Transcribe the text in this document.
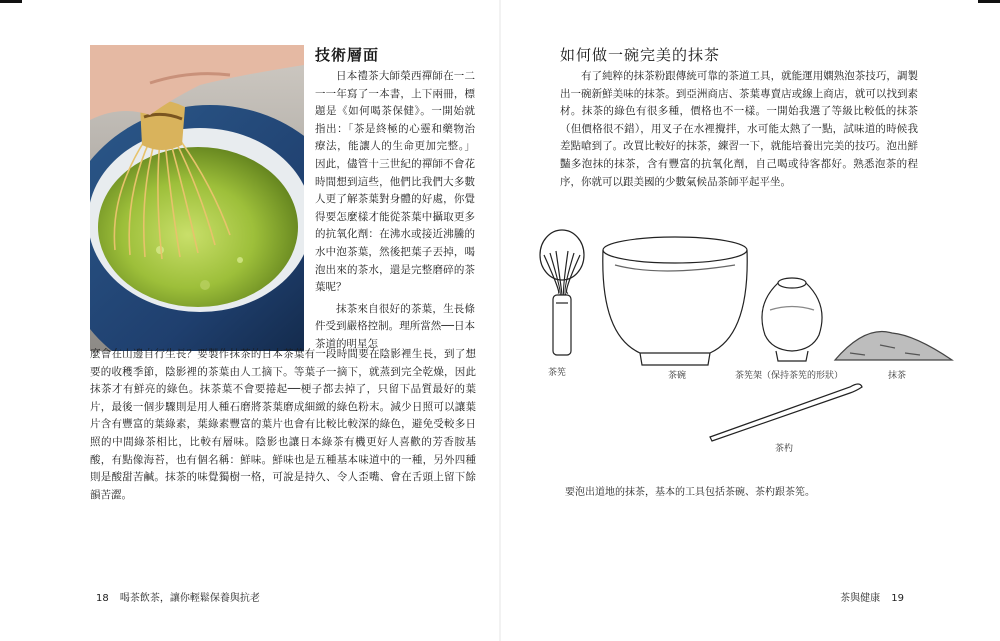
技術層面

日本禮茶大師榮西禪師在一二一一年寫了一本書，上下兩冊，標題是《如何喝茶保健》。一開始就指出：「茶是終極的心靈和藥物治療法，能讓人的生命更加完整。」因此，儘管十三世紀的禪師不會花時間想到這些，他們比我們大多數人更了解茶葉對身體的好處，你覺得要怎麼樣才能從茶葉中攝取更多的抗氧化劑：在沸水或接近沸騰的水中泡茶葉，然後把葉子丟掉，喝泡出來的茶水，還是完整磨碎的茶葉呢？

抹茶來自很好的茶葉，生長條件受到嚴格控制。理所當然──日本茶道的明星怎

麼會在山邊自行生長？要製作抹茶的日本茶葉有一段時間要在陰影裡生長，到了想要的收穫季節，陰影裡的茶葉由人工摘下。等葉子一摘下，就蒸到完全乾燥，因此抹茶才有鮮亮的綠色。抹茶葉不會要捲起──梗子都去掉了，只留下品質最好的葉片，最後一個步驟則是用人種石磨將茶葉磨成細緻的綠色粉末。減少日照可以讓葉片含有豐富的葉綠素，葉綠素豐富的葉片也會有比較比較深的綠色，避免受較多日照的中間綠茶相比，比較有層味。陰影也讓日本綠茶有機更好人喜歡的芳香胺基酸，有點像海苔，也有個名稱：鮮味。鮮味也是五種基本味道中的一種，另外四種則是酸甜苦鹹。抹茶的味覺獨樹一格，可說是持久、令人歪嘴、會在舌頭上留下餘韻苦澀。

18 喝茶飲茶，讓你輕鬆保養與抗老
如何做一碗完美的抹茶

有了純粹的抹茶粉跟傳統可靠的茶道工具，就能運用嫻熟泡茶技巧，調製出一碗新鮮美味的抹茶。到亞洲商店、茶葉專賣店或線上商店，就可以找到素材。抹茶的綠色有很多種，價格也不一樣。一開始我選了等級比較低的抹茶（但價格很不錯），用叉子在水裡攪拌，水可能太熱了一點，試味道的時候我差點嗆到了。改買比較好的抹茶，練習一下，就能培養出完美的技巧。泡出鮮豔多泡抹的抹茶，含有豐富的抗氧化劑，自己喝或待客都好。熟悉泡茶的程序，你就可以跟美國的少數氣候品茶師平起平坐。

茶筅	茶碗	茶筅架（保持茶筅的形狀）	抹茶
茶杓
要泡出道地的抹茶，基本的工具包括茶碗、茶杓跟茶筅。
茶與健康 19
